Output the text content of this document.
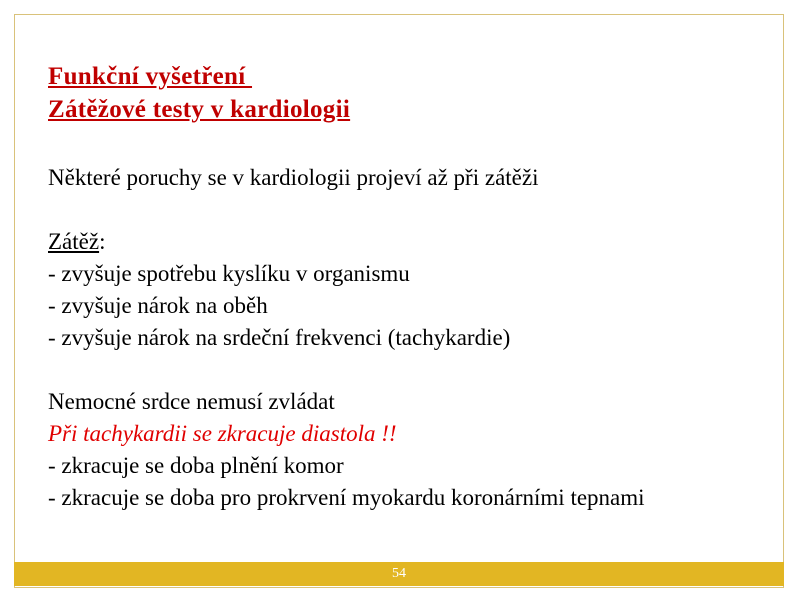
Funkční vyšetření
Zátěžové testy v kardiologii
Některé poruchy se v kardiologii projeví až při zátěži
Zátěž:
- zvyšuje spotřebu kyslíku v organismu
- zvyšuje nárok na oběh
- zvyšuje nárok na srdeční frekvenci (tachykardie)
Nemocné srdce nemusí zvládat
Při tachykardii se zkracuje diastola !!
- zkracuje se doba plnění komor
- zkracuje se doba pro prokrvení myokardu koronárními tepnami
54
